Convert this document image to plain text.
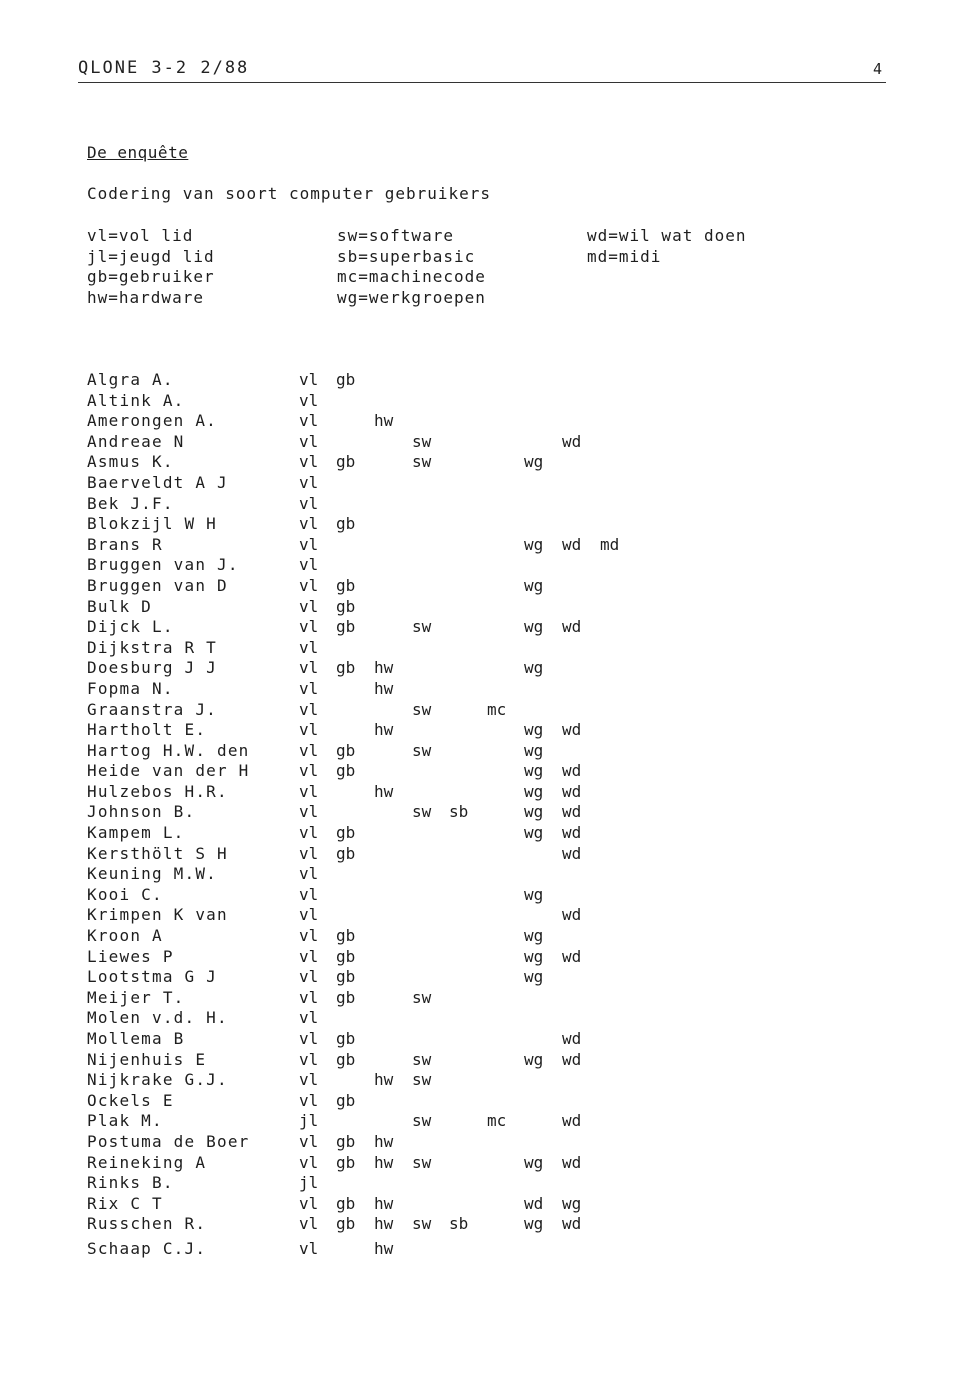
QLONE 3-2 2/88	4
De enquête
Codering van soort computer gebruikers
vl=vol lid
jl=jeugd lid
gb=gebruiker
hw=hardware
sw=software
sb=superbasic
mc=machinecode
wg=werkgroepen
wd=wil wat doen
md=midi
Algra A.	vl gb
Altink A.	vl
Amerongen A.	vl	hw
Andreae N	vl	sw	wd
Asmus K.	vl gb	sw	wg
Baerveldt A J	vl
Bek J.F.	vl
Blokzijl W H	vl gb
Brans R	vl	wg wd md
Bruggen van J.	vl
Bruggen van D	vl gb	wg
Bulk D	vl gb
Dijck L.	vl gb	sw	wg wd
Dijkstra R T	vl
Doesburg J J	vl gb hw	wg
Fopma N.	vl	hw
Graanstra J.	vl	sw	mc
Hartholt E.	vl	hw	wg wd
Hartog H.W. den	vl gb	sw	wg
Heide van der H	vl gb	wg wd
Hulzebos H.R.	vl	hw	wg wd
Johnson B.	vl	sw sb	wg wd
Kampem L.	vl gb	wg wd
Kersthölt S H	vl gb	wd
Keuning M.W.	vl
Kooi C.	vl	wg
Krimpen K van	vl	wd
Kroon A	vl gb	wg
Liewes P	vl gb	wg wd
Lootstma G J	vl gb	wg
Meijer T.	vl gb	sw
Molen v.d. H.	vl
Mollema B	vl gb	wd
Nijenhuis E	vl gb	sw	wg wd
Nijkrake G.J.	vl	hw sw
Ockels E	vl gb
Plak M.	jl	sw	mc	wd
Postuma de Boer	vl gb hw
Reineking A	vl gb hw sw	wg wd
Rinks B.	jl
Rix C T	vl gb hw	wd wg
Russchen R.	vl gb hw sw sb	wg wd
Schaap C.J.	vl	hw
